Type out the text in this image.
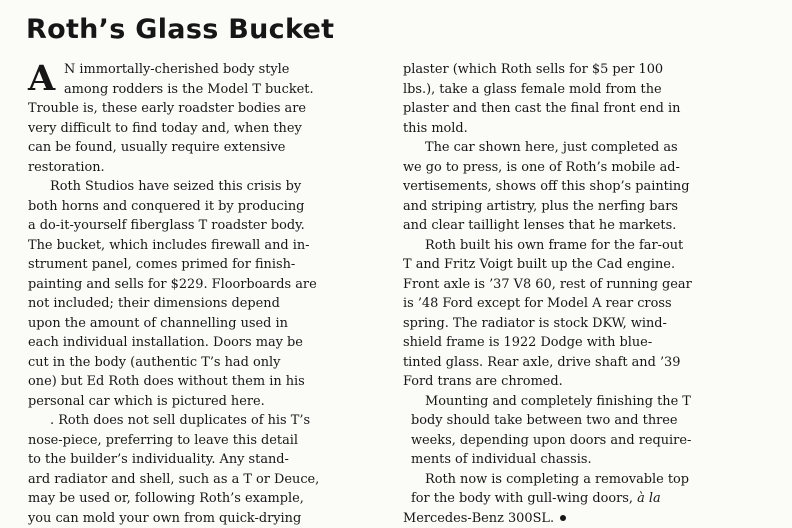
Roth’s Glass Bucket
A N immortally-cherished body style
among rodders is the Model T bucket.
Trouble is, these early roadster bodies are
very difficult to find today and, when they
can be found, usually require extensive
restoration.
Roth Studios have seized this crisis by
both horns and conquered it by producing
a do-it-yourself fiberglass T roadster body.
The bucket, which includes firewall and in-
strument panel, comes primed for finish-
painting and sells for $229. Floorboards are
not included; their dimensions depend
upon the amount of channelling used in
each individual installation. Doors may be
cut in the body (authentic T’s had only
one) but Ed Roth does without them in his
personal car which is pictured here.
. Roth does not sell duplicates of his T’s
nose-piece, preferring to leave this detail
to the builder’s individuality. Any stand-
ard radiator and shell, such as a T or Deuce,
may be used or, following Roth’s example,
you can mold your own from quick-drying
plaster (which Roth sells for $5 per 100
lbs.), take a glass female mold from the
plaster and then cast the final front end in
this mold.
The car shown here, just completed as
we go to press, is one of Roth’s mobile ad-
vertisements, shows off this shop’s painting
and striping artistry, plus the nerfing bars
and clear taillight lenses that he markets.
Roth built his own frame for the far-out
T and Fritz Voigt built up the Cad engine.
Front axle is ’37 V8 60, rest of running gear
is ’48 Ford except for Model A rear cross
spring. The radiator is stock DKW, wind-
shield frame is 1922 Dodge with blue-
tinted glass. Rear axle, drive shaft and ’39
Ford trans are chromed.
Mounting and completely finishing the T
body should take between two and three
weeks, depending upon doors and require-
ments of individual chassis.
Roth now is completing a removable top
for the body with gull-wing doors, à la
Mercedes-Benz 300SL.
